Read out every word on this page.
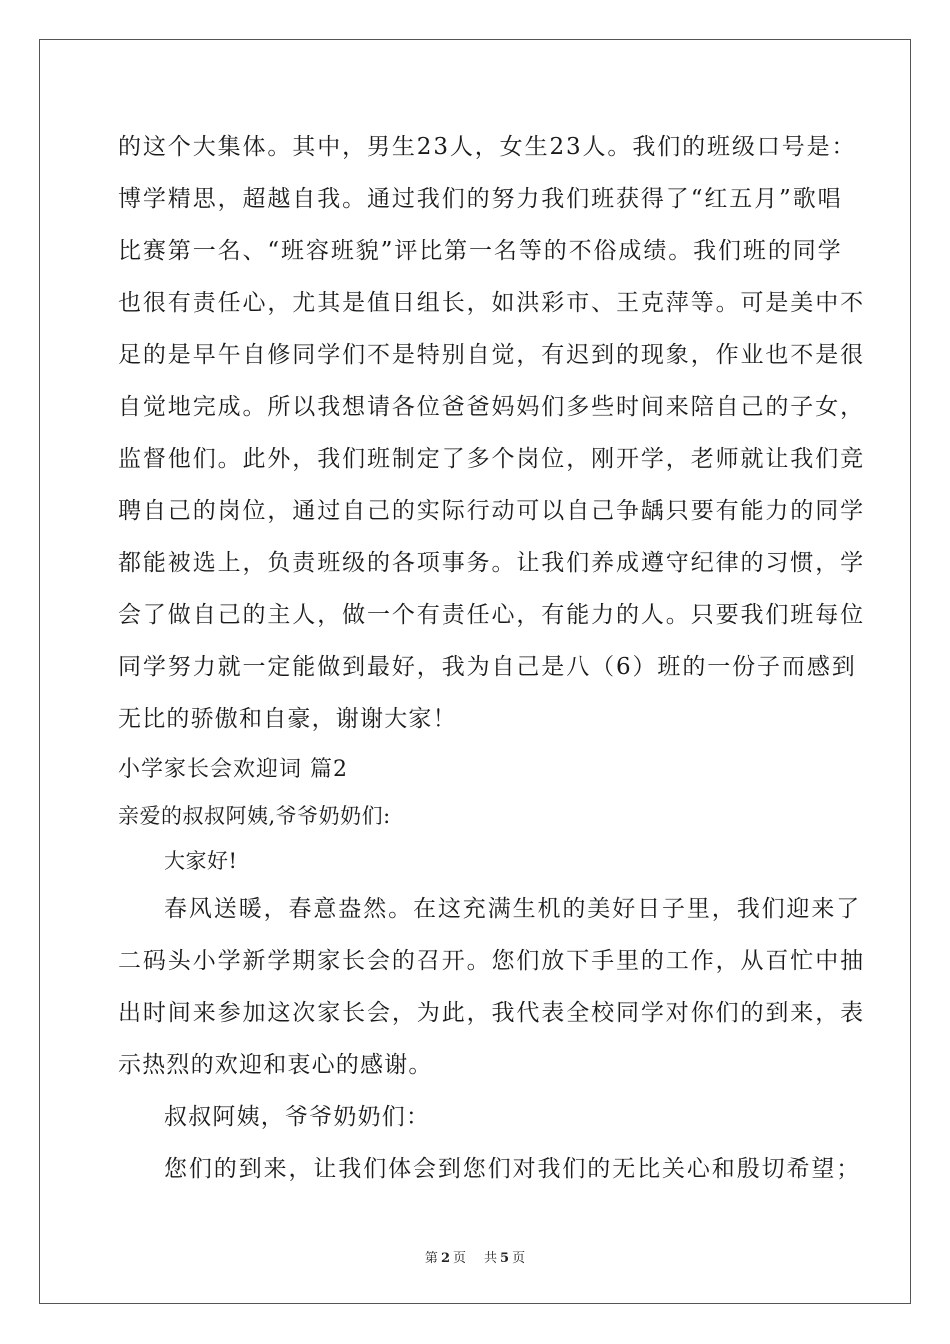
的这个大集体。其中，男生23人，女生23人。我们的班级口号是：
博学精思，超越自我。通过我们的努力我们班获得了“红五月”歌唱
比赛第一名、“班容班貌”评比第一名等的不俗成绩。我们班的同学
也很有责任心，尤其是值日组长，如洪彩市、王克萍等。可是美中不
足的是早午自修同学们不是特别自觉，有迟到的现象，作业也不是很
自觉地完成。所以我想请各位爸爸妈妈们多些时间来陪自己的子女，
监督他们。此外，我们班制定了多个岗位，刚开学，老师就让我们竞
聘自己的岗位，通过自己的实际行动可以自己争龋只要有能力的同学
都能被选上，负责班级的各项事务。让我们养成遵守纪律的习惯，学
会了做自己的主人，做一个有责任心，有能力的人。只要我们班每位
同学努力就一定能做到最好，我为自己是八（6）班的一份子而感到
无比的骄傲和自豪，谢谢大家！
小学家长会欢迎词 篇2
亲爱的叔叔阿姨,爷爷奶奶们:
大家好!
春风送暖，春意盎然。在这充满生机的美好日子里，我们迎来了
二码头小学新学期家长会的召开。您们放下手里的工作，从百忙中抽
出时间来参加这次家长会，为此，我代表全校同学对你们的到来，表
示热烈的欢迎和衷心的感谢。
叔叔阿姨，爷爷奶奶们：
您们的到来，让我们体会到您们对我们的无比关心和殷切希望；
第 2 页 共 5 页
